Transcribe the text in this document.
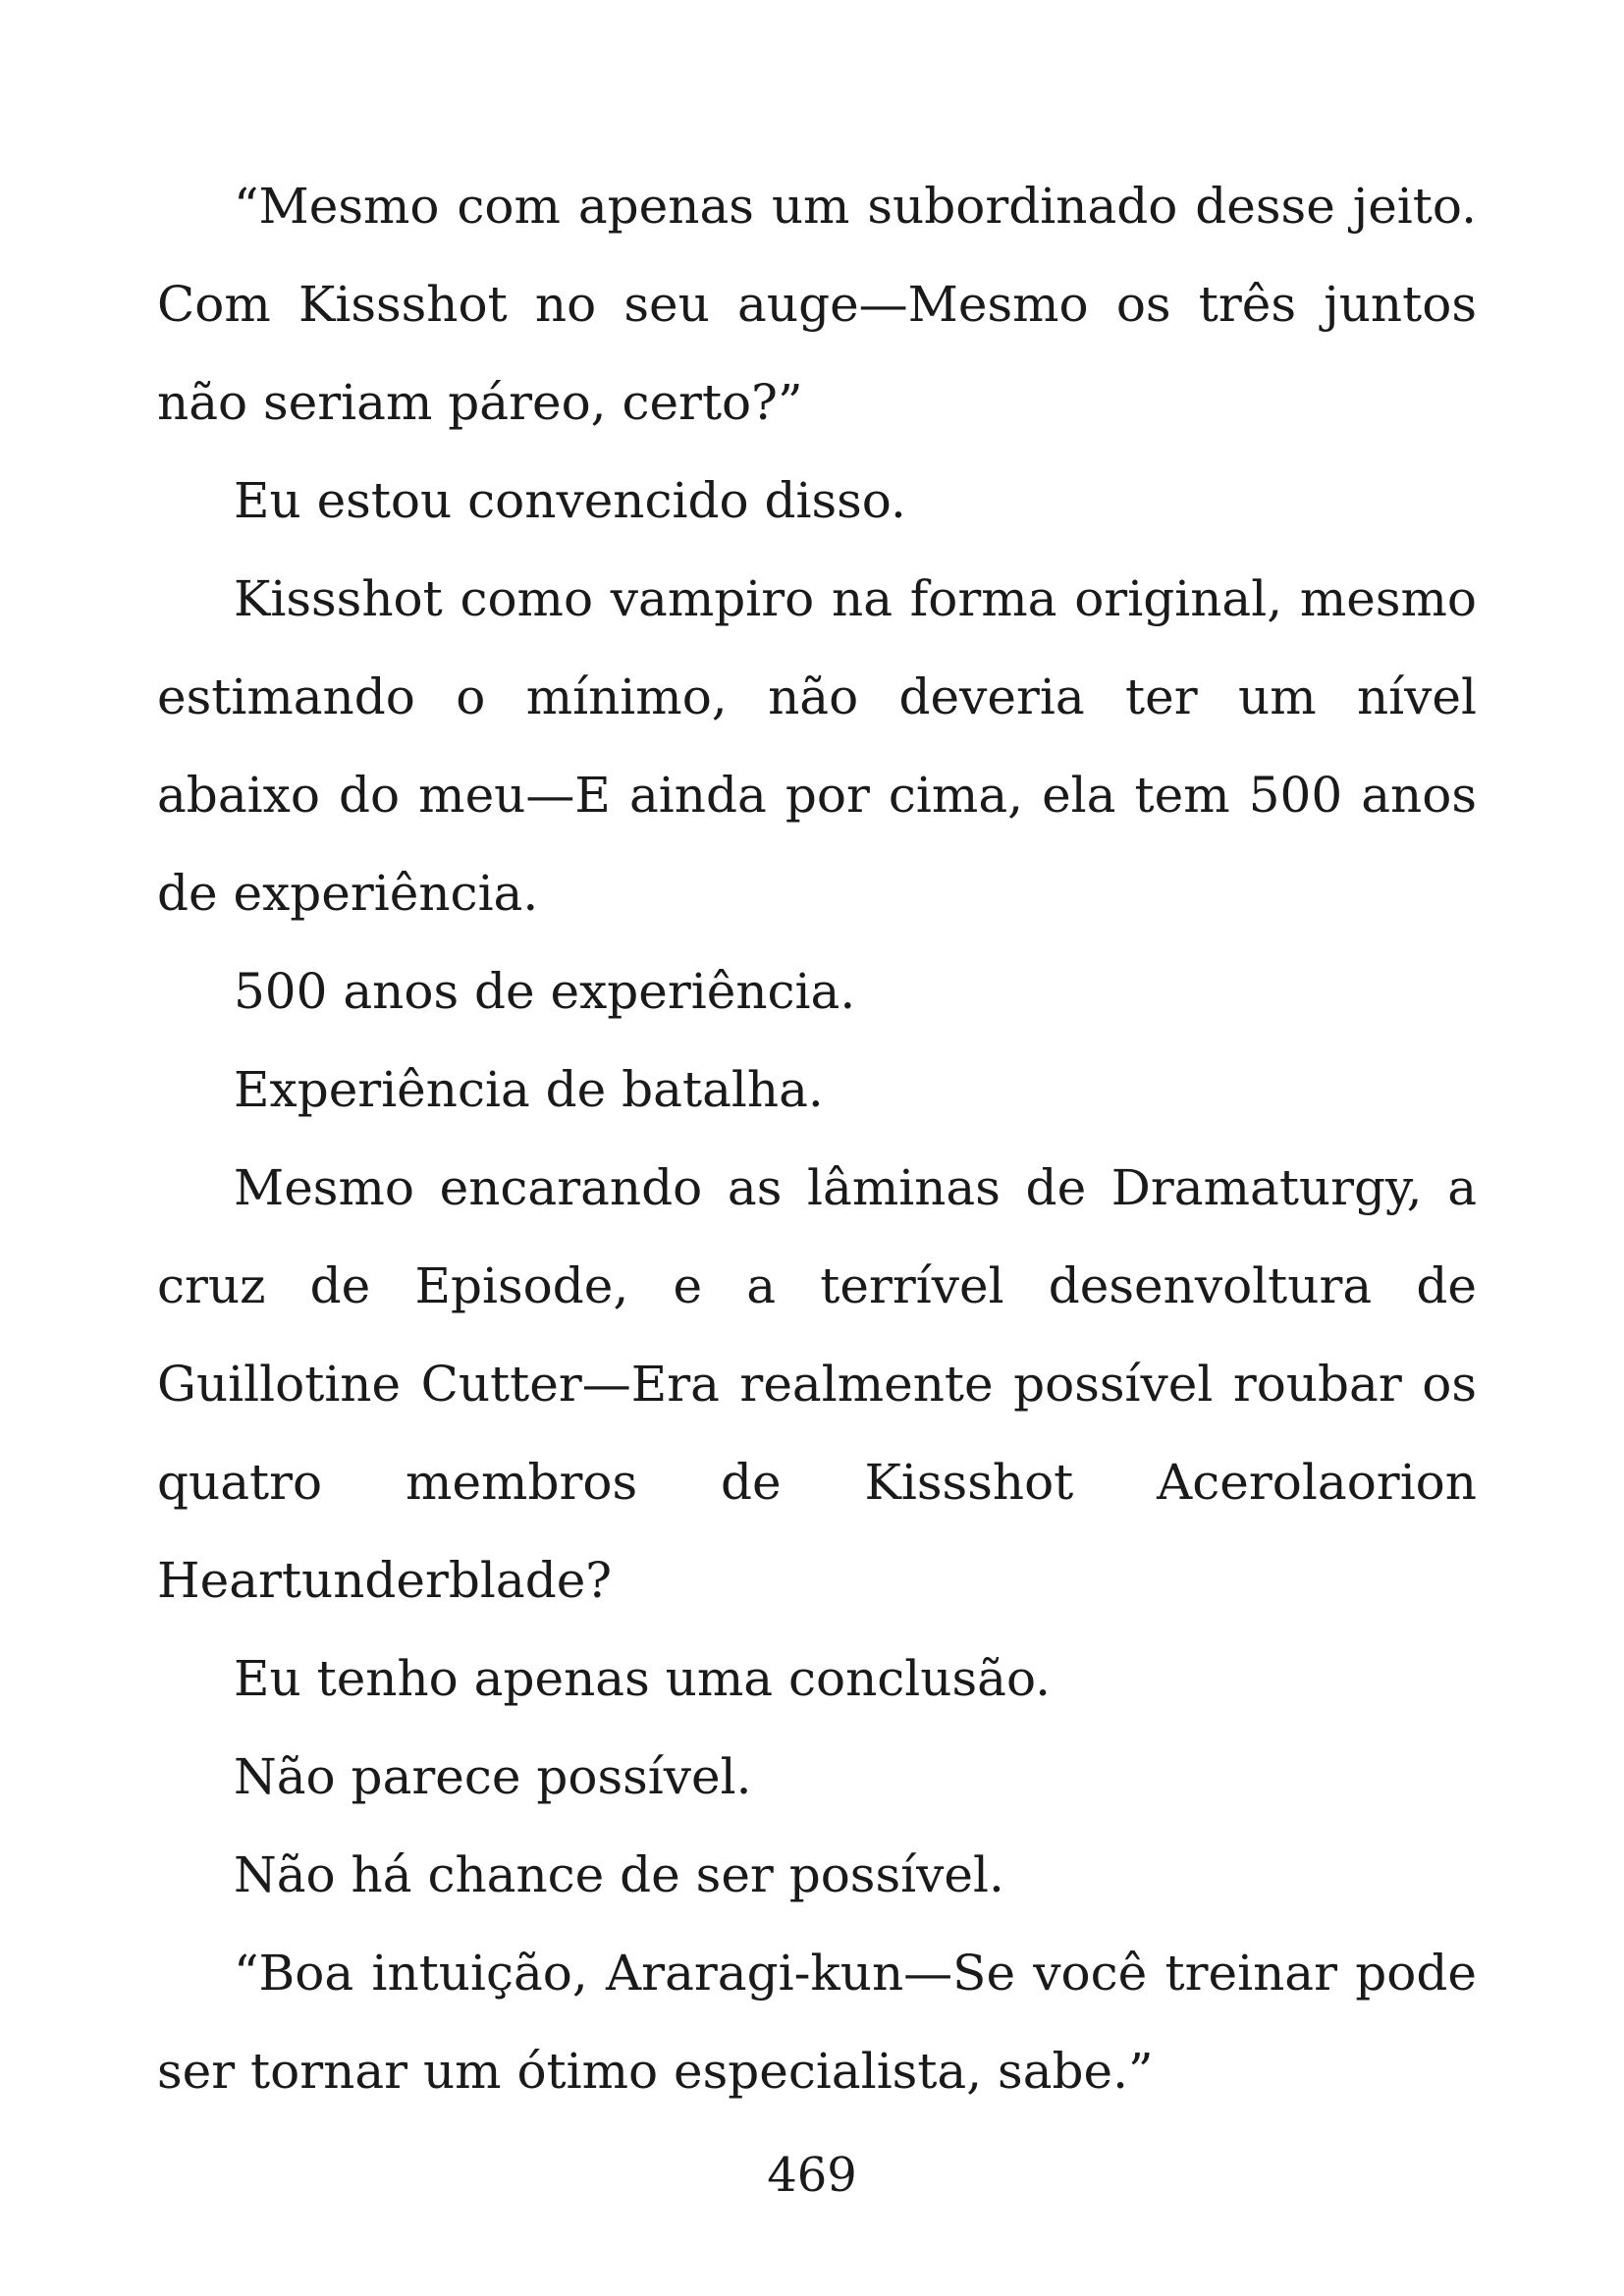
“Mesmo com apenas um subordinado desse jeito. Com Kissshot no seu auge—Mesmo os três juntos não seriam páreo, certo?”

Eu estou convencido disso.

Kissshot como vampiro na forma original, mesmo estimando o mínimo, não deveria ter um nível abaixo do meu—E ainda por cima, ela tem 500 anos de experiência.

500 anos de experiência.

Experiência de batalha.

Mesmo encarando as lâminas de Dramaturgy, a cruz de Episode, e a terrível desenvoltura de Guillotine Cutter—Era realmente possível roubar os quatro membros de Kissshot Acerolaorion Heartunderblade?

Eu tenho apenas uma conclusão.

Não parece possível.

Não há chance de ser possível.

“Boa intuição, Araragi-kun—Se você treinar pode ser tornar um ótimo especialista, sabe.”

469
